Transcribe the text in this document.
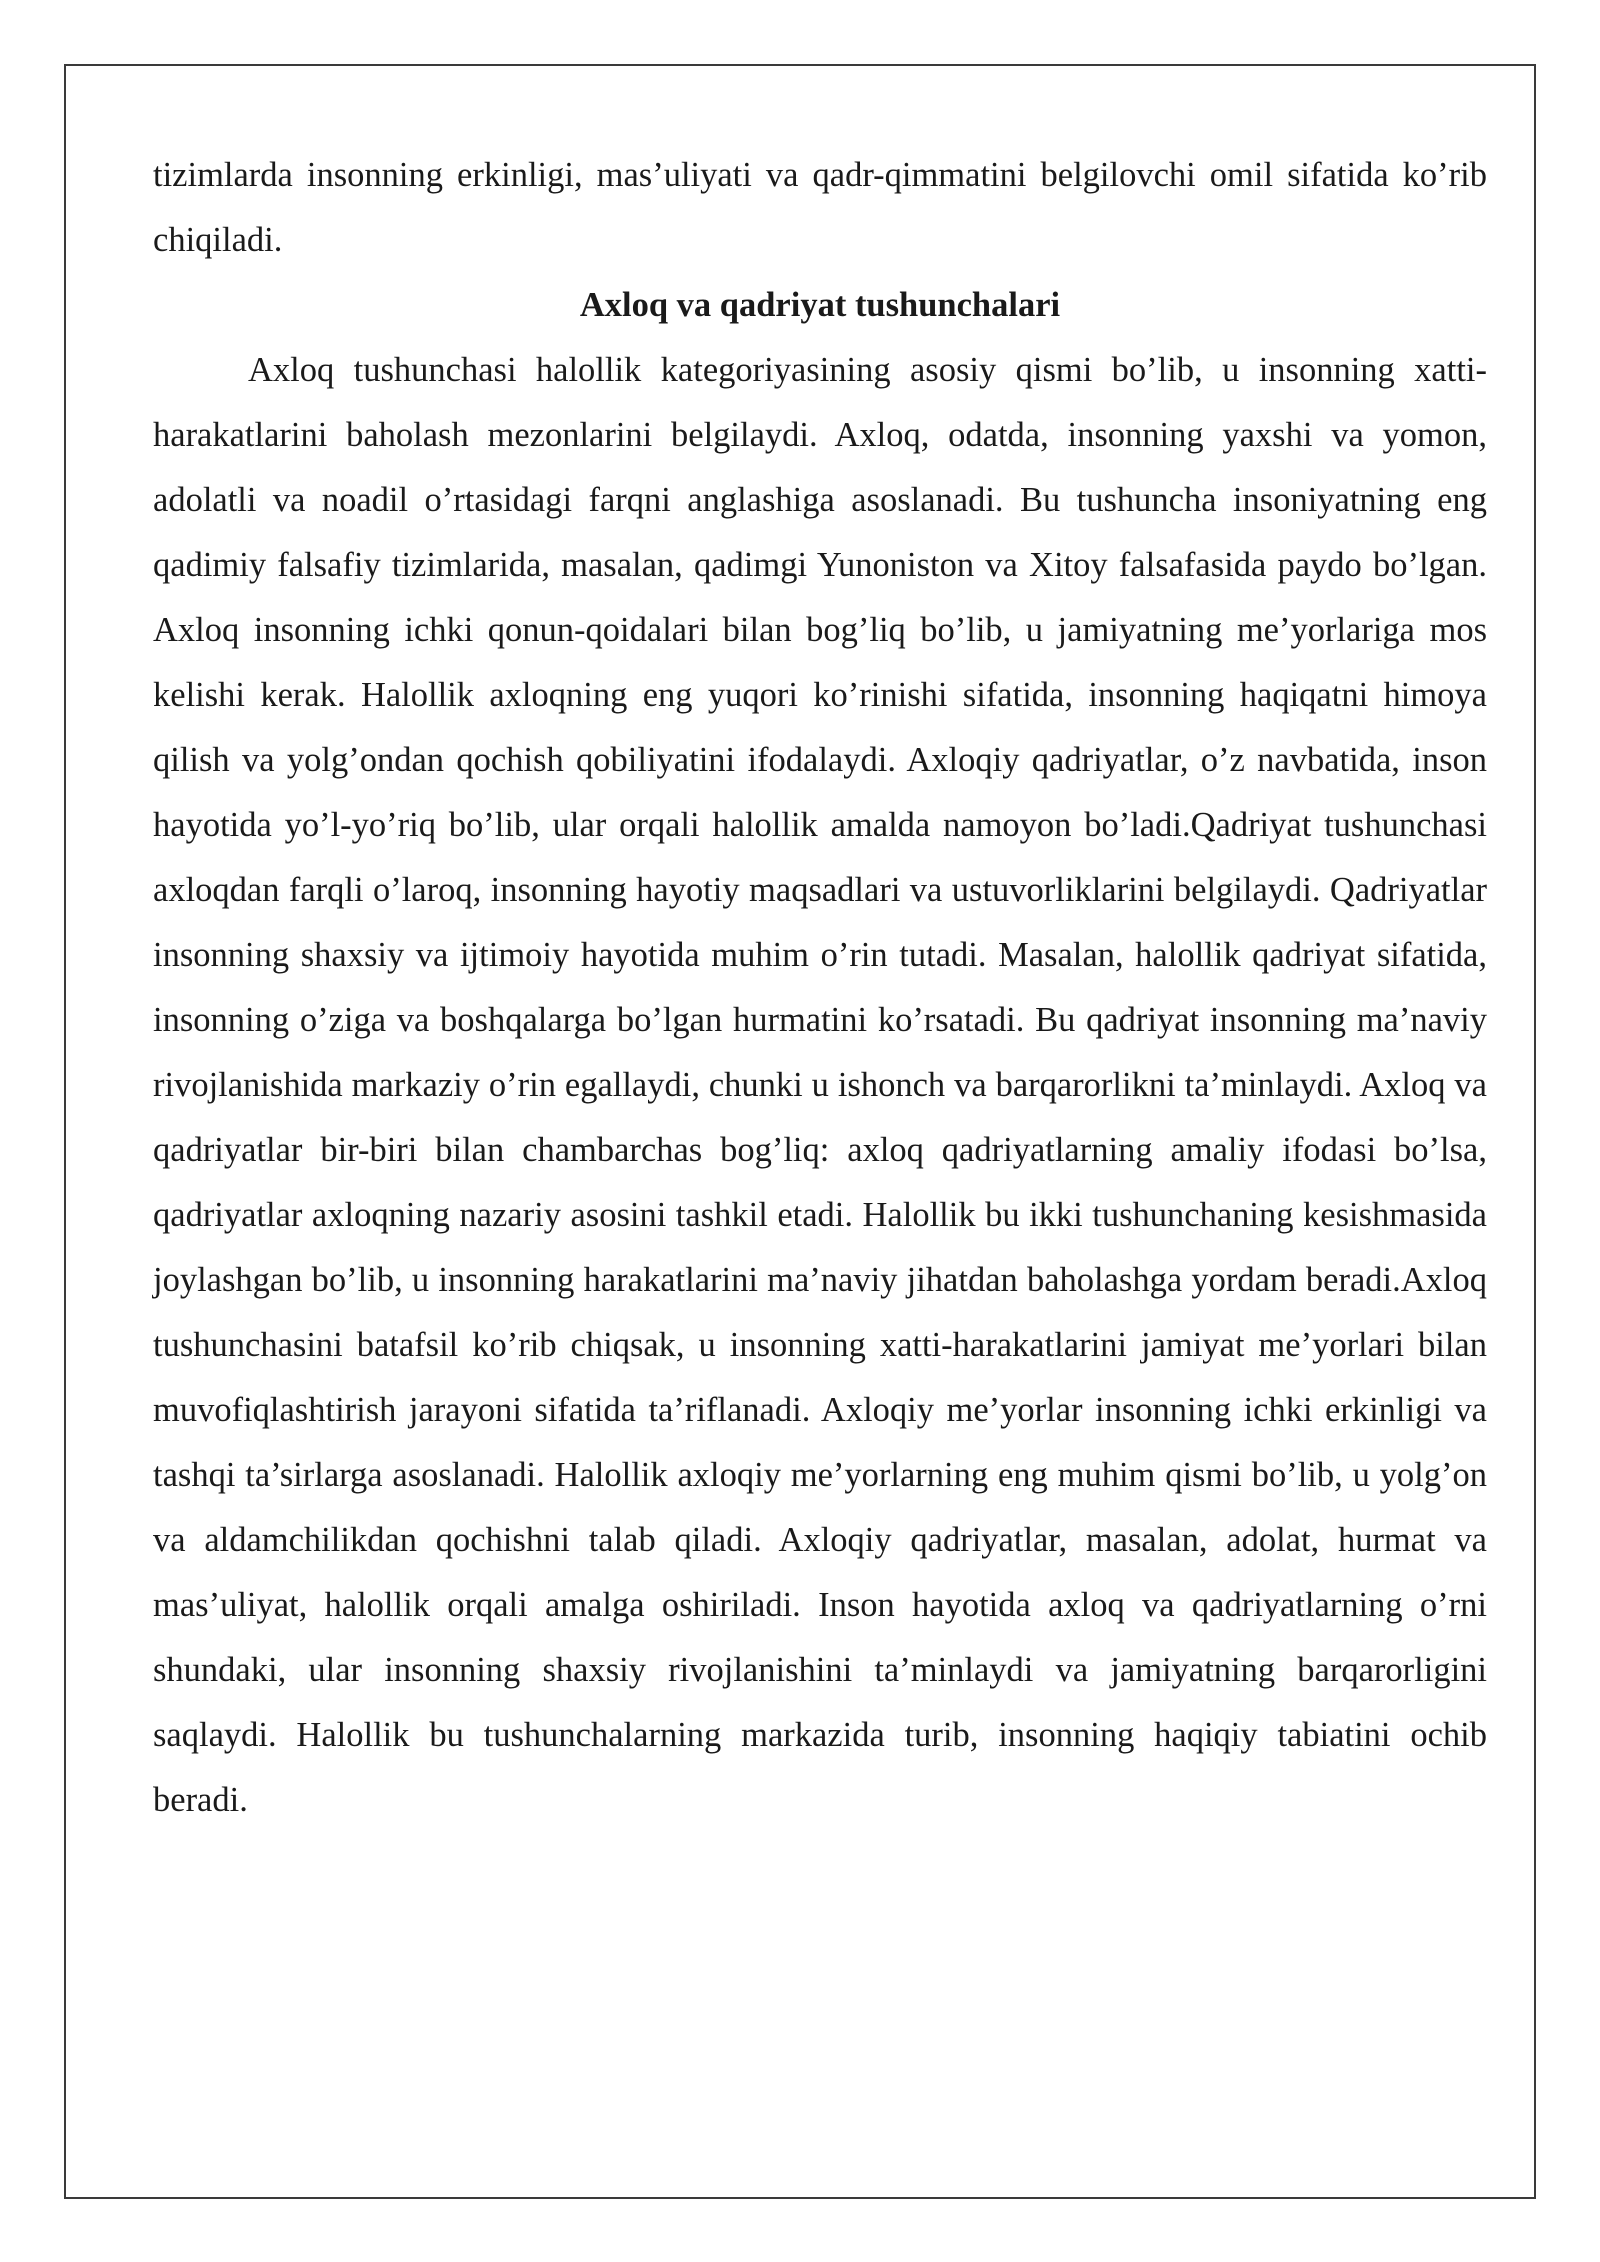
tizimlarda insonning erkinligi, mas’uliyati va qadr-qimmatini belgilovchi omil sifatida ko’rib chiqiladi.

Axloq va qadriyat tushunchalari

Axloq tushunchasi halollik kategoriyasining asosiy qismi bo’lib, u insonning xatti-harakatlarini baholash mezonlarini belgilaydi. Axloq, odatda, insonning yaxshi va yomon, adolatli va noadil o’rtasidagi farqni anglashiga asoslanadi. Bu tushuncha insoniyatning eng qadimiy falsafiy tizimlarida, masalan, qadimgi Yunoniston va Xitoy falsafasida paydo bo’lgan. Axloq insonning ichki qonun-qoidalari bilan bog’liq bo’lib, u jamiyatning me’yorlariga mos kelishi kerak. Halollik axloqning eng yuqori ko’rinishi sifatida, insonning haqiqatni himoya qilish va yolg’ondan qochish qobiliyatini ifodalaydi. Axloqiy qadriyatlar, o’z navbatida, inson hayotida yo’l-yo’riq bo’lib, ular orqali halollik amalda namoyon bo’ladi.Qadriyat tushunchasi axloqdan farqli o’laroq, insonning hayotiy maqsadlari va ustuvorliklarini belgilaydi. Qadriyatlar insonning shaxsiy va ijtimoiy hayotida muhim o’rin tutadi. Masalan, halollik qadriyat sifatida, insonning o’ziga va boshqalarga bo’lgan hurmatini ko’rsatadi. Bu qadriyat insonning ma’naviy rivojlanishida markaziy o’rin egallaydi, chunki u ishonch va barqarorlikni ta’minlaydi. Axloq va qadriyatlar bir-biri bilan chambarchas bog’liq: axloq qadriyatlarning amaliy ifodasi bo’lsa, qadriyatlar axloqning nazariy asosini tashkil etadi. Halollik bu ikki tushunchaning kesishmasida joylashgan bo’lib, u insonning harakatlarini ma’naviy jihatdan baholashga yordam beradi.Axloq tushunchasini batafsil ko’rib chiqsak, u insonning xatti-harakatlarini jamiyat me’yorlari bilan muvofiqlashtirish jarayoni sifatida ta’riflanadi. Axloqiy me’yorlar insonning ichki erkinligi va tashqi ta’sirlarga asoslanadi. Halollik axloqiy me’yorlarning eng muhim qismi bo’lib, u yolg’on va aldamchilikdan qochishni talab qiladi. Axloqiy qadriyatlar, masalan, adolat, hurmat va mas’uliyat, halollik orqali amalga oshiriladi. Inson hayotida axloq va qadriyatlarning o’rni shundaki, ular insonning shaxsiy rivojlanishini ta’minlaydi va jamiyatning barqarorligini saqlaydi. Halollik bu tushunchalarning markazida turib, insonning haqiqiy tabiatini ochib beradi.
